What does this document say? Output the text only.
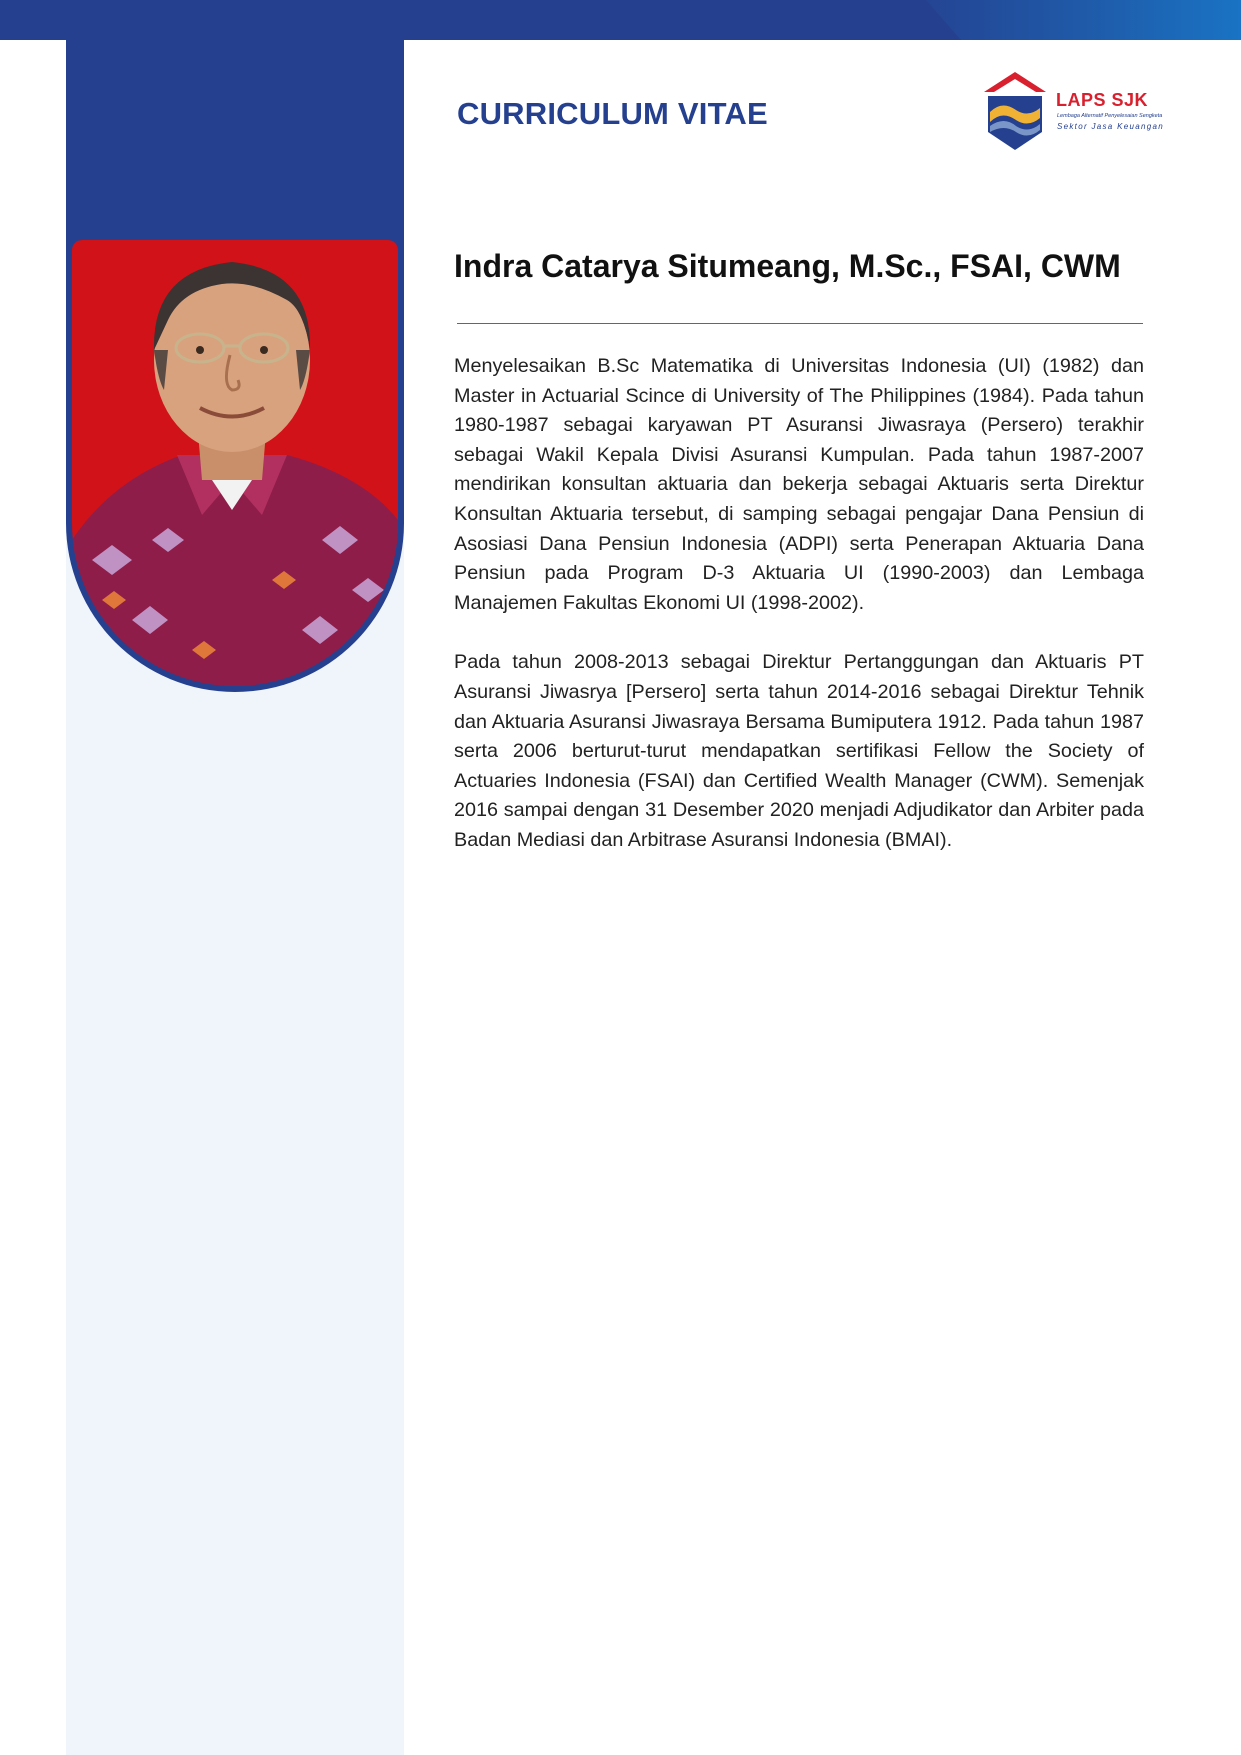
CURRICULUM VITAE	LAPS SJK
Lembaga Alternatif Penyelesaian Sengketa
Sektor Jasa Keuangan
Indra Catarya Situmeang, M.Sc., FSAI, CWM

Menyelesaikan B.Sc Matematika di Universitas Indonesia (UI) (1982) dan Master in Actuarial Scince di University of The Philippines (1984). Pada tahun 1980-1987 sebagai karyawan PT Asuransi Jiwasraya (Persero) terakhir sebagai Wakil Kepala Divisi Asuransi Kumpulan. Pada tahun 1987-2007 mendirikan konsultan aktuaria dan bekerja sebagai Aktuaris serta Direktur Konsultan Aktuaria tersebut, di samping sebagai pengajar Dana Pensiun di Asosiasi Dana Pensiun Indonesia (ADPI) serta Penerapan Aktuaria Dana Pensiun pada Program D-3 Aktuaria UI (1990-2003) dan Lembaga Manajemen Fakultas Ekonomi UI (1998-2002).

Pada tahun 2008-2013 sebagai Direktur Pertanggungan dan Aktuaris PT Asuransi Jiwasrya [Persero] serta tahun 2014-2016 sebagai Direktur Tehnik dan Aktuaria Asuransi Jiwasraya Bersama Bumiputera 1912. Pada tahun 1987 serta 2006 berturut-turut mendapatkan sertifikasi Fellow the Society of Actuaries Indonesia (FSAI) dan Certified Wealth Manager (CWM). Semenjak 2016 sampai dengan 31 Desember 2020 menjadi Adjudikator dan Arbiter pada Badan Mediasi dan Arbitrase Asuransi Indonesia (BMAI).
